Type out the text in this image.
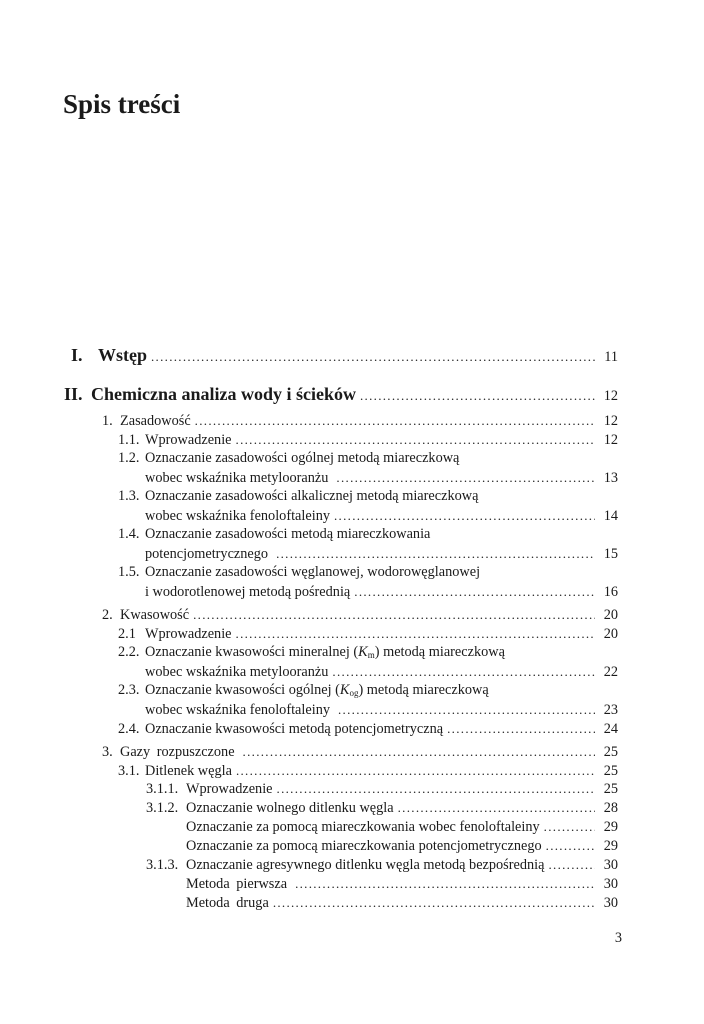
Spis treści
I. Wstęp .....	11
II. Chemiczna analiza wody i ścieków .....	12
1. Zasadowość .....	12
1.1. Wprowadzenie .....	12
1.2. Oznaczanie zasadowości ogólnej metodą miareczkową
wobec wskaźnika metylooranżu .....	13
1.3. Oznaczanie zasadowości alkalicznej metodą miareczkową
wobec wskaźnika fenoloftaleiny .....	14
1.4. Oznaczanie zasadowości metodą miareczkowania
potencjometrycznego .....	15
1.5. Oznaczanie zasadowości węglanowej, wodorowęglanowej
i wodorotlenowej metodą pośrednią .....	16
2. Kwasowość .....	20
2.1 Wprowadzenie .....	20
2.2. Oznaczanie kwasowości mineralnej $(K_m)$ metodą miareczkową
wobec wskaźnika metylooranżu .....	22
2.3. Oznaczanie kwasowości ogólnej $(K_{og})$ metodą miareczkową
wobec wskaźnika fenoloftaleiny .....	23
2.4. Oznaczanie kwasowości metodą potencjometryczną .....	24
3. Gazy rozpuszczone .....	25
3.1. Ditlenek węgla .....	25
3.1.1. Wprowadzenie .....	25
3.1.2. Oznaczanie wolnego ditlenku węgla .....	28
Oznaczanie za pomocą miareczkowania wobec fenoloftaleiny .....	29
Oznaczanie za pomocą miareczkowania potencjometrycznego .....	29
3.1.3. Oznaczanie agresywnego ditlenku węgla metodą bezpośrednią .....	30
Metoda pierwsza .....	30
Metoda druga .....	30
3
